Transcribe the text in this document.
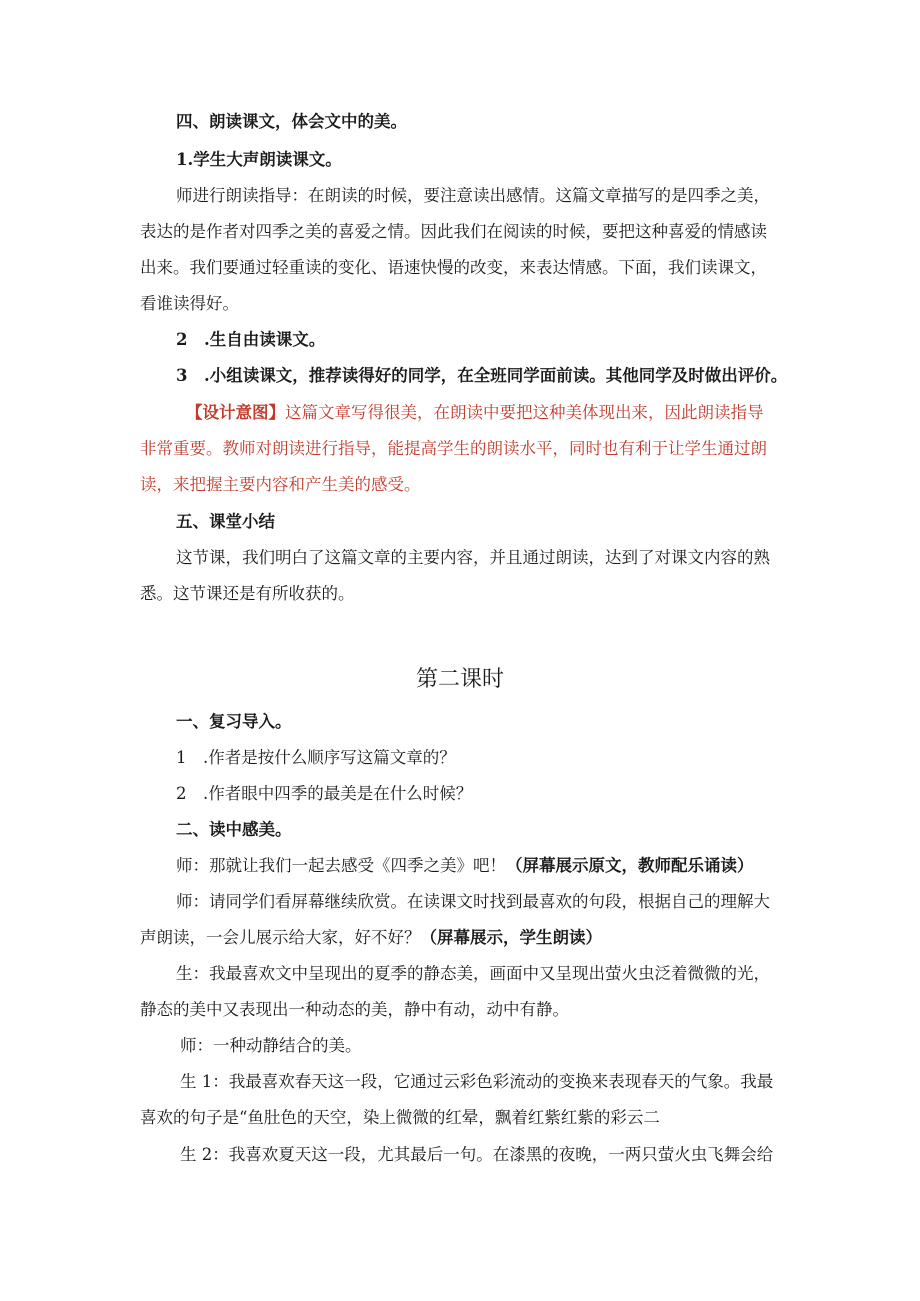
四、朗读课文，体会文中的美。
1.学生大声朗读课文。
师进行朗读指导：在朗读的时候，要注意读出感情。这篇文章描写的是四季之美，
表达的是作者对四季之美的喜爱之情。因此我们在阅读的时候，要把这种喜爱的情感读
出来。我们要通过轻重读的变化、语速快慢的改变，来表达情感。下面，我们读课文，
看谁读得好。
2　.生自由读课文。
3　.小组读课文，推荐读得好的同学，在全班同学面前读。其他同学及时做出评价。
【设计意图】这篇文章写得很美，在朗读中要把这种美体现出来，因此朗读指导
非常重要。教师对朗读进行指导，能提高学生的朗读水平，同时也有利于让学生通过朗
读，来把握主要内容和产生美的感受。
五、课堂小结
这节课，我们明白了这篇文章的主要内容，并且通过朗读，达到了对课文内容的熟
悉。这节课还是有所收获的。
第二课时
一、复习导入。
1　.作者是按什么顺序写这篇文章的？
2　.作者眼中四季的最美是在什么时候？
二、读中感美。
师：那就让我们一起去感受《四季之美》吧！（屏幕展示原文，教师配乐诵读）
师：请同学们看屏幕继续欣赏。在读课文时找到最喜欢的句段，根据自己的理解大
声朗读，一会儿展示给大家，好不好？（屏幕展示，学生朗读）
生：我最喜欢文中呈现出的夏季的静态美，画面中又呈现出萤火虫泛着微微的光，
静态的美中又表现出一种动态的美，静中有动，动中有静。
师：一种动静结合的美。
生 1：我最喜欢春天这一段，它通过云彩色彩流动的变换来表现春天的气象。我最
喜欢的句子是“鱼肚色的天空，染上微微的红晕，飘着红紫红紫的彩云二
生 2：我喜欢夏天这一段，尤其最后一句。在漆黑的夜晚，一两只萤火虫飞舞会给
